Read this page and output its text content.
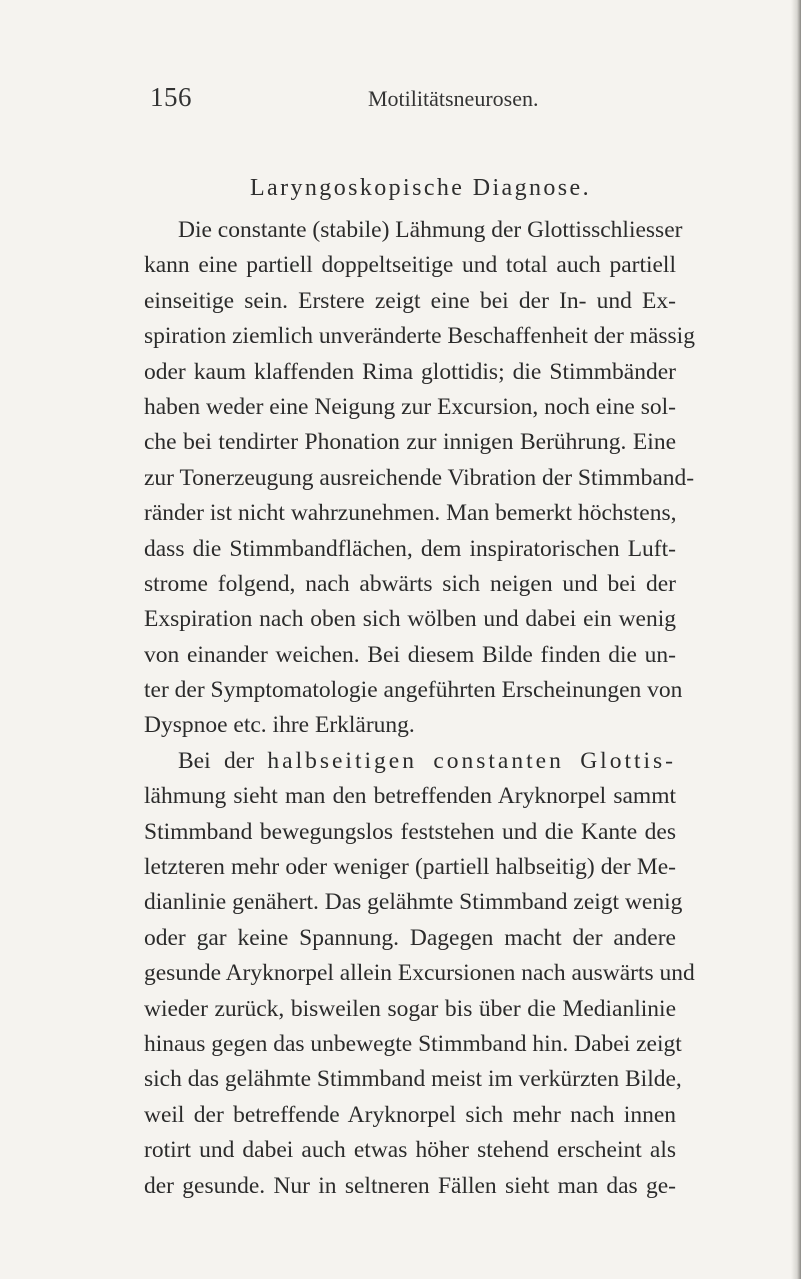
156	Motilitätsneurosen.
Laryngoskopische Diagnose.
Die constante (stabile) Lähmung der Glottisschliesser
kann eine partiell doppeltseitige und total auch partiell
einseitige sein. Erstere zeigt eine bei der In- und Ex-
spiration ziemlich unveränderte Beschaffenheit der mässig
oder kaum klaffenden Rima glottidis; die Stimmbänder
haben weder eine Neigung zur Excursion, noch eine sol-
che bei tendirter Phonation zur innigen Berührung. Eine
zur Tonerzeugung ausreichende Vibration der Stimmband-
ränder ist nicht wahrzunehmen. Man bemerkt höchstens,
dass die Stimmbandflächen, dem inspiratorischen Luft-
strome folgend, nach abwärts sich neigen und bei der
Exspiration nach oben sich wölben und dabei ein wenig
von einander weichen. Bei diesem Bilde finden die un-
ter der Symptomatologie angeführten Erscheinungen von
Dyspnoe etc. ihre Erklärung.
Bei der halbseitigen constanten Glottis-
lähmung sieht man den betreffenden Aryknorpel sammt
Stimmband bewegungslos feststehen und die Kante des
letzteren mehr oder weniger (partiell halbseitig) der Me-
dianlinie genähert. Das gelähmte Stimmband zeigt wenig
oder gar keine Spannung. Dagegen macht der andere
gesunde Aryknorpel allein Excursionen nach auswärts und
wieder zurück, bisweilen sogar bis über die Medianlinie
hinaus gegen das unbewegte Stimmband hin. Dabei zeigt
sich das gelähmte Stimmband meist im verkürzten Bilde,
weil der betreffende Aryknorpel sich mehr nach innen
rotirt und dabei auch etwas höher stehend erscheint als
der gesunde. Nur in seltneren Fällen sieht man das ge-
